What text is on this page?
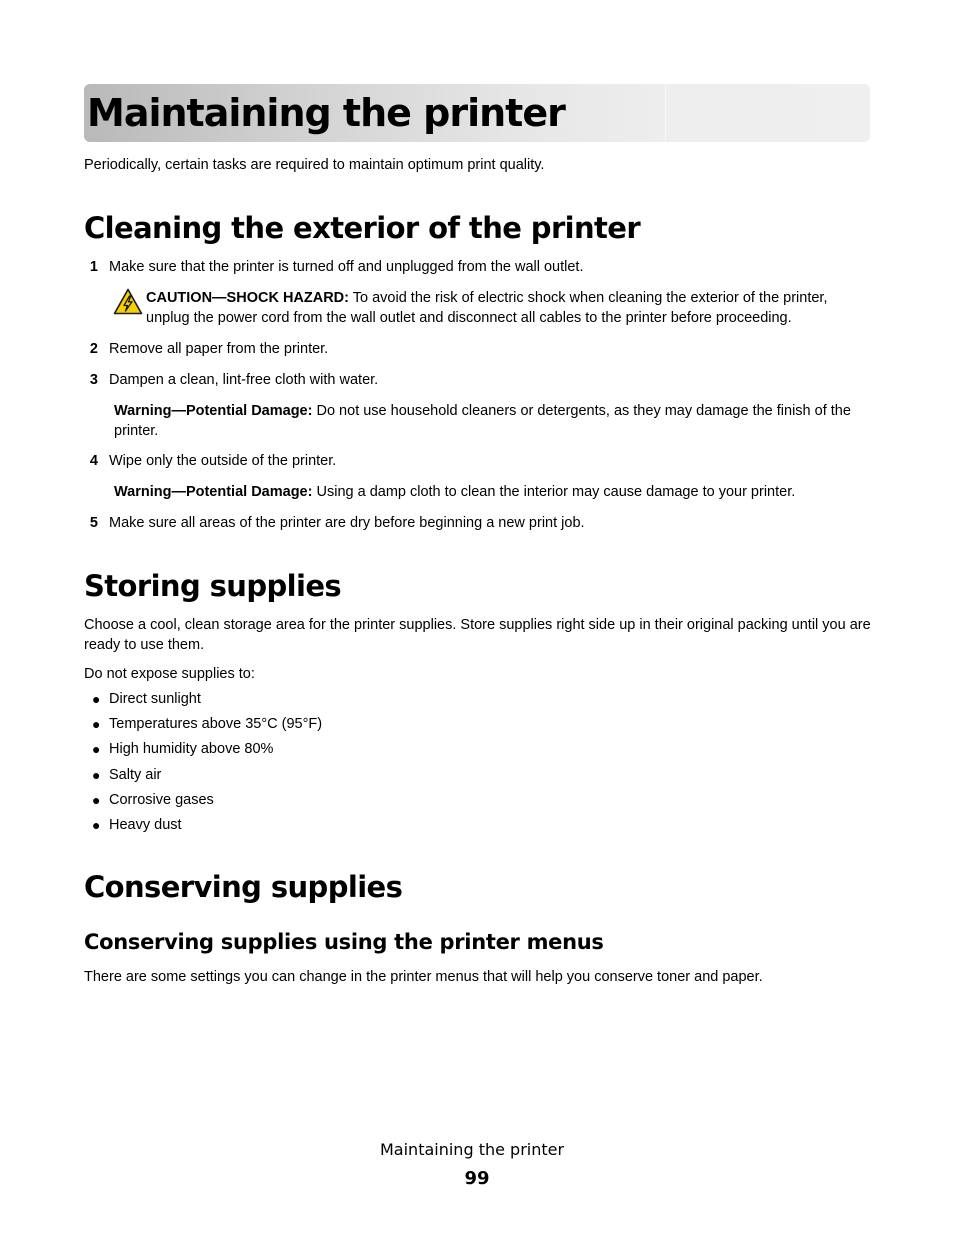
Maintaining the printer
Periodically, certain tasks are required to maintain optimum print quality.
Cleaning the exterior of the printer
1 Make sure that the printer is turned off and unplugged from the wall outlet.
CAUTION—SHOCK HAZARD: To avoid the risk of electric shock when cleaning the exterior of the printer, unplug the power cord from the wall outlet and disconnect all cables to the printer before proceeding.
2 Remove all paper from the printer.
3 Dampen a clean, lint-free cloth with water.
Warning—Potential Damage: Do not use household cleaners or detergents, as they may damage the finish of the printer.
4 Wipe only the outside of the printer.
Warning—Potential Damage: Using a damp cloth to clean the interior may cause damage to your printer.
5 Make sure all areas of the printer are dry before beginning a new print job.
Storing supplies
Choose a cool, clean storage area for the printer supplies. Store supplies right side up in their original packing until you are ready to use them.
Do not expose supplies to:
● Direct sunlight
● Temperatures above 35°C (95°F)
● High humidity above 80%
● Salty air
● Corrosive gases
● Heavy dust
Conserving supplies
Conserving supplies using the printer menus
There are some settings you can change in the printer menus that will help you conserve toner and paper.
Maintaining the printer
99
